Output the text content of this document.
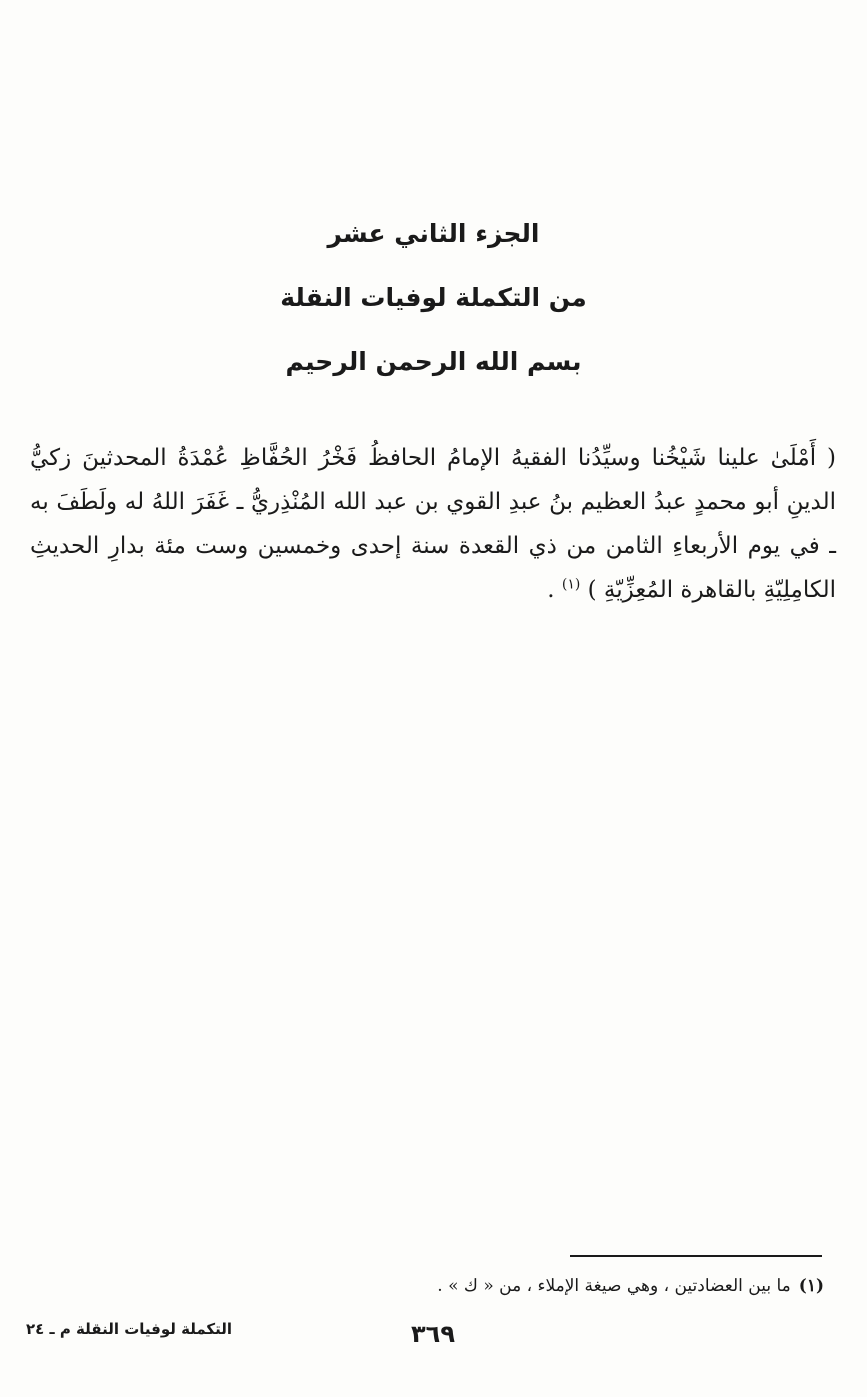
الجزء الثاني عشر
من التكملة لوفيات النقلة
بسم الله الرحمن الرحيم
( أَمْلَىٰ علينا شَيْخُنا وسيِّدُنا الفقيهُ الإمامُ الحافظُ فَخْرُ الحُفَّاظِ عُمْدَةُ المحدثينَ زكيُّ الدينِ أبو محمدٍ عبدُ العظيم بنُ عبدِ القوي بن عبد الله المُنْذِريُّ ـ غَفَرَ اللهُ له ولَطَفَ به ـ في يوم الأربعاءِ الثامن من ذي القعدة سنة إحدى وخمسين وست مئة بدارِ الحديثِ الكامِلِيّةِ بالقاهرة المُعِزِّيّةِ ) $^{(١)}$ .
(١)ما بين العضادتين ، وهي صيغة الإملاء ، من « ك » .
٣٦٩
التكملة لوفيات النقلة م ـ ٢٤
